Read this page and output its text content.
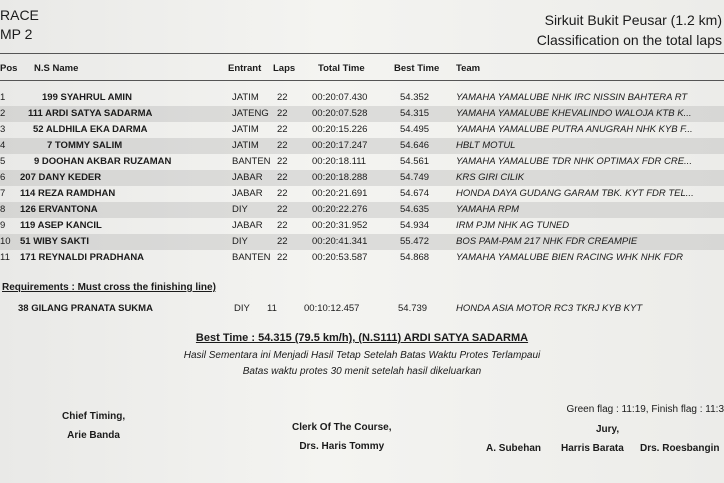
RACE
MP 2
Sirkuit Bukit Peusar (1.2 km)
Classification on the total laps
Pos N.S Name	Entrant Laps Total Time	Best Time Team
1	199 SYAHRUL AMIN	JATIM 22	00:20:07.430	54.352	YAMAHA YAMALUBE NHK IRC NISSIN BAHTERA RT
2 111 ARDI SATYA SADARMA	JATENG 22	00:20:07.528	54.315	YAMAHA YAMALUBE KHEVALINDO WALOJA KTB K...
3	52 ALDHILA EKA DARMA	JATIM 22	00:20:15.226	54.495	YAMAHA YAMALUBE PUTRA ANUGRAH NHK KYB F...
4	7 TOMMY SALIM	JATIM 22	00:20:17.247	54.646	HBLT MOTUL
5	9 DOOHAN AKBAR RUZAMAN	BANTEN 22	00:20:18.111	54.561	YAMAHA YAMALUBE TDR NHK OPTIMAX FDR CRE...
6 207 DANY KEDER	JABAR 22	00:20:18.288	54.749	KRS GIRI CILIK
7 114 REZA RAMDHAN	JABAR 22	00:20:21.691	54.674	HONDA DAYA GUDANG GARAM TBK. KYT FDR TEL...
8 126 ERVANTONA	DIY	22	00:20:22.276	54.635	YAMAHA RPM
9 119 ASEP KANCIL	JABAR 22	00:20:31.952	54.934	IRM PJM NHK AG TUNED
10 51 WIBY SAKTI	DIY	22	00:20:41.341	55.472	BOS PAM-PAM 217 NHK FDR CREAMPIE
11 171 REYNALDI PRADHANA	BANTEN 22	00:20:53.587	54.868	YAMAHA YAMALUBE BIEN RACING WHK NHK FDR
Requirements : Must cross the finishing line)
38 GILANG PRANATA SUKMA	DIY 11	00:10:12.457	54.739	HONDA ASIA MOTOR RC3 TKRJ KYB KYT
Best Time : 54.315 (79.5 km/h), (N.S111) ARDI SATYA SADARMA
Hasil Sementara ini Menjadi Hasil Tetap Setelah Batas Waktu Protes Terlampaui
Batas waktu protes 30 menit setelah hasil dikeluarkan
Chief Timing,
Arie Banda
Clerk Of The Course,
Drs. Haris Tommy
Green flag : 11:19, Finish flag : 11:3
Jury,
A. Subehan Harris Barata Drs. Roesbangin
